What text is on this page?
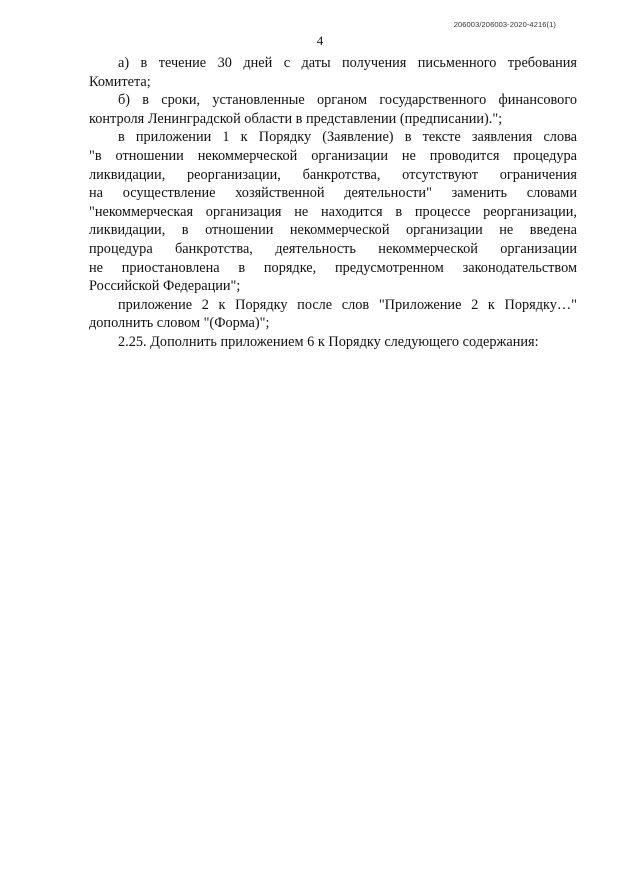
206003/206003-2020-4216(1)
4
а) в течение 30 дней с даты получения письменного требования
Комитета;
б) в сроки, установленные органом государственного финансового
контроля Ленинградской области в представлении (предписании).";
в приложении 1 к Порядку (Заявление) в тексте заявления слова
"в отношении некоммерческой организации не проводится процедура
ликвидации, реорганизации, банкротства, отсутствуют ограничения
на осуществление хозяйственной деятельности" заменить словами
"некоммерческая организация не находится в процессе реорганизации,
ликвидации, в отношении некоммерческой организации не введена
процедура банкротства, деятельность некоммерческой организации
не приостановлена в порядке, предусмотренном законодательством
Российской Федерации";
приложение 2 к Порядку после слов "Приложение 2 к Порядку…"
дополнить словом "(Форма)";
2.25. Дополнить приложением 6 к Порядку следующего содержания:
